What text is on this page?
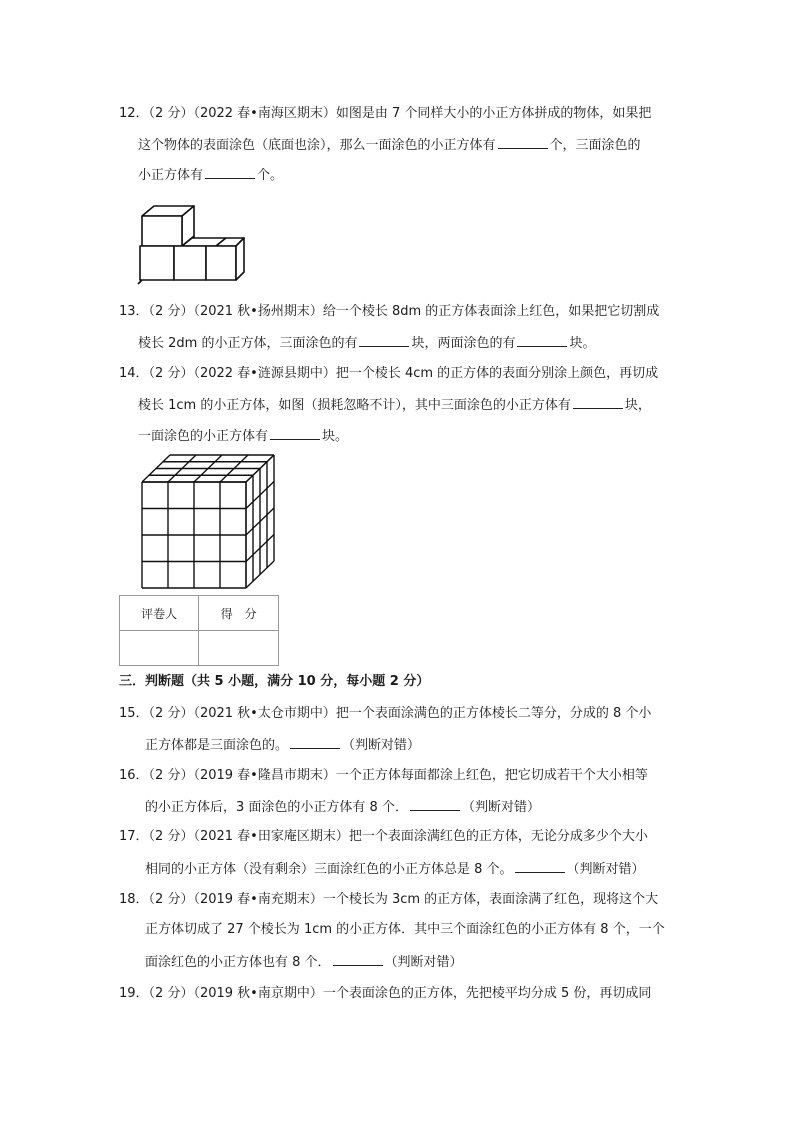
12．（2 分）（2022 春•南海区期末）如图是由 7 个同样大小的小正方体拼成的物体，如果把
这个物体的表面涂色（底面也涂），那么一面涂色的小正方体有	个，三面涂色的
小正方体有	个。
13．（2 分）（2021 秋•扬州期末）给一个棱长 8dm 的正方体表面涂上红色，如果把它切割成
棱长 2dm 的小正方体，三面涂色的有	块，两面涂色的有	块。
14．（2 分）（2022 春•涟源县期中）把一个棱长 4cm 的正方体的表面分别涂上颜色，再切成
棱长 1cm 的小正方体，如图（损耗忽略不计），其中三面涂色的小正方体有	块，
一面涂色的小正方体有	块。
评卷人	得　分

三．判断题（共 5 小题，满分 10 分，每小题 2 分）
15．（2 分）（2021 秋•太仓市期中）把一个表面涂满色的正方体棱长二等分，分成的 8 个小
正方体都是三面涂色的。	（判断对错）
16．（2 分）（2019 春•隆昌市期末）一个正方体每面都涂上红色，把它切成若干个大小相等
的小正方体后，3 面涂色的小正方体有 8 个．	（判断对错）
17．（2 分）（2021 春•田家庵区期末）把一个表面涂满红色的正方体，无论分成多少个大小
相同的小正方体（没有剩余）三面涂红色的小正方体总是 8 个。	（判断对错）
18．（2 分）（2019 春•南充期末）一个棱长为 3cm 的正方体，表面涂满了红色，现将这个大
正方体切成了 27 个棱长为 1cm 的小正方体．其中三个面涂红色的小正方体有 8 个，一个
面涂红色的小正方体也有 8 个．	（判断对错）
19．（2 分）（2019 秋•南京期中）一个表面涂色的正方体，先把棱平均分成 5 份，再切成同
